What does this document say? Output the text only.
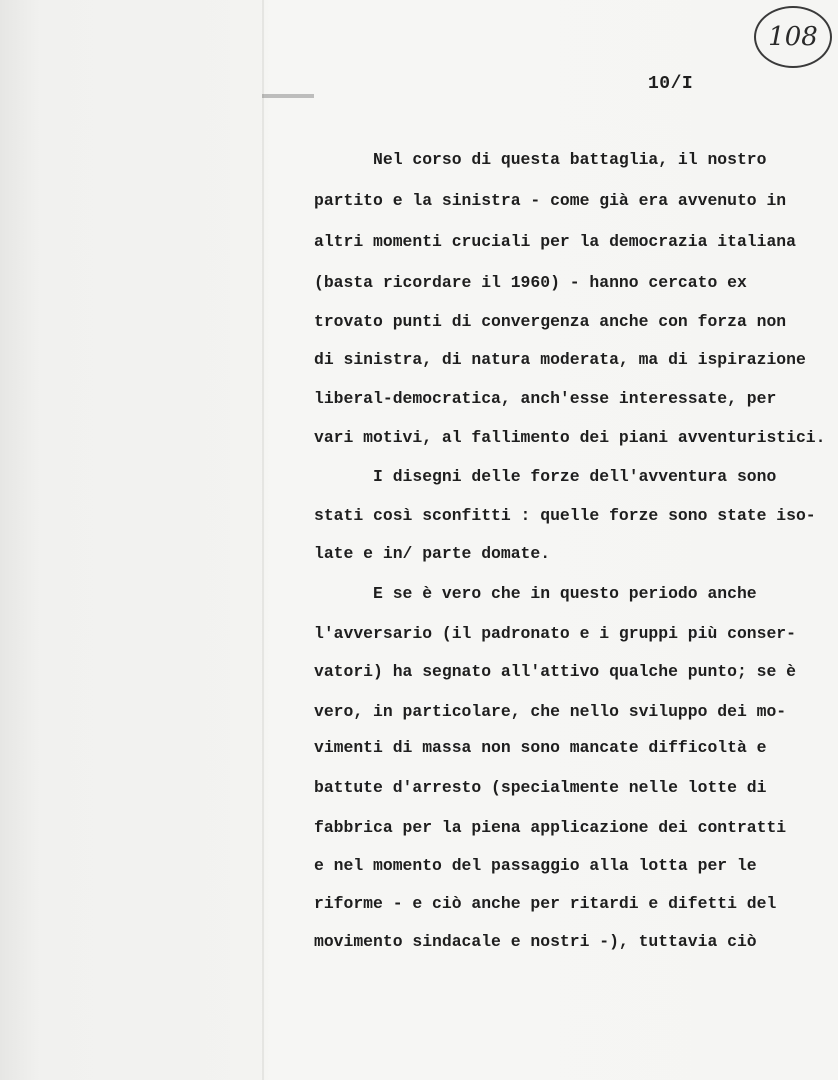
108
10/I
Nel corso di questa battaglia, il nostro
partito e la sinistra - come già era avvenuto in
altri momenti cruciali per la democrazia italiana
(basta ricordare il 1960) - hanno cercato ex
trovato punti di convergenza anche con forza non
di sinistra, di natura moderata, ma di ispirazione
liberal-democratica, anch'esse interessate, per
vari motivi, al fallimento dei piani avventuristici.
I disegni delle forze dell'avventura sono
stati così sconfitti : quelle forze sono state iso-
late e in/ parte domate.
E se è vero che in questo periodo anche
l'avversario (il padronato e i gruppi più conser-
vatori) ha segnato all'attivo qualche punto; se è
vero, in particolare, che nello sviluppo dei mo-
vimenti di massa non sono mancate difficoltà e
battute d'arresto (specialmente nelle lotte di
fabbrica per la piena applicazione dei contratti
e nel momento del passaggio alla lotta per le
riforme - e ciò anche per ritardi e difetti del
movimento sindacale e nostri -), tuttavia ciò
